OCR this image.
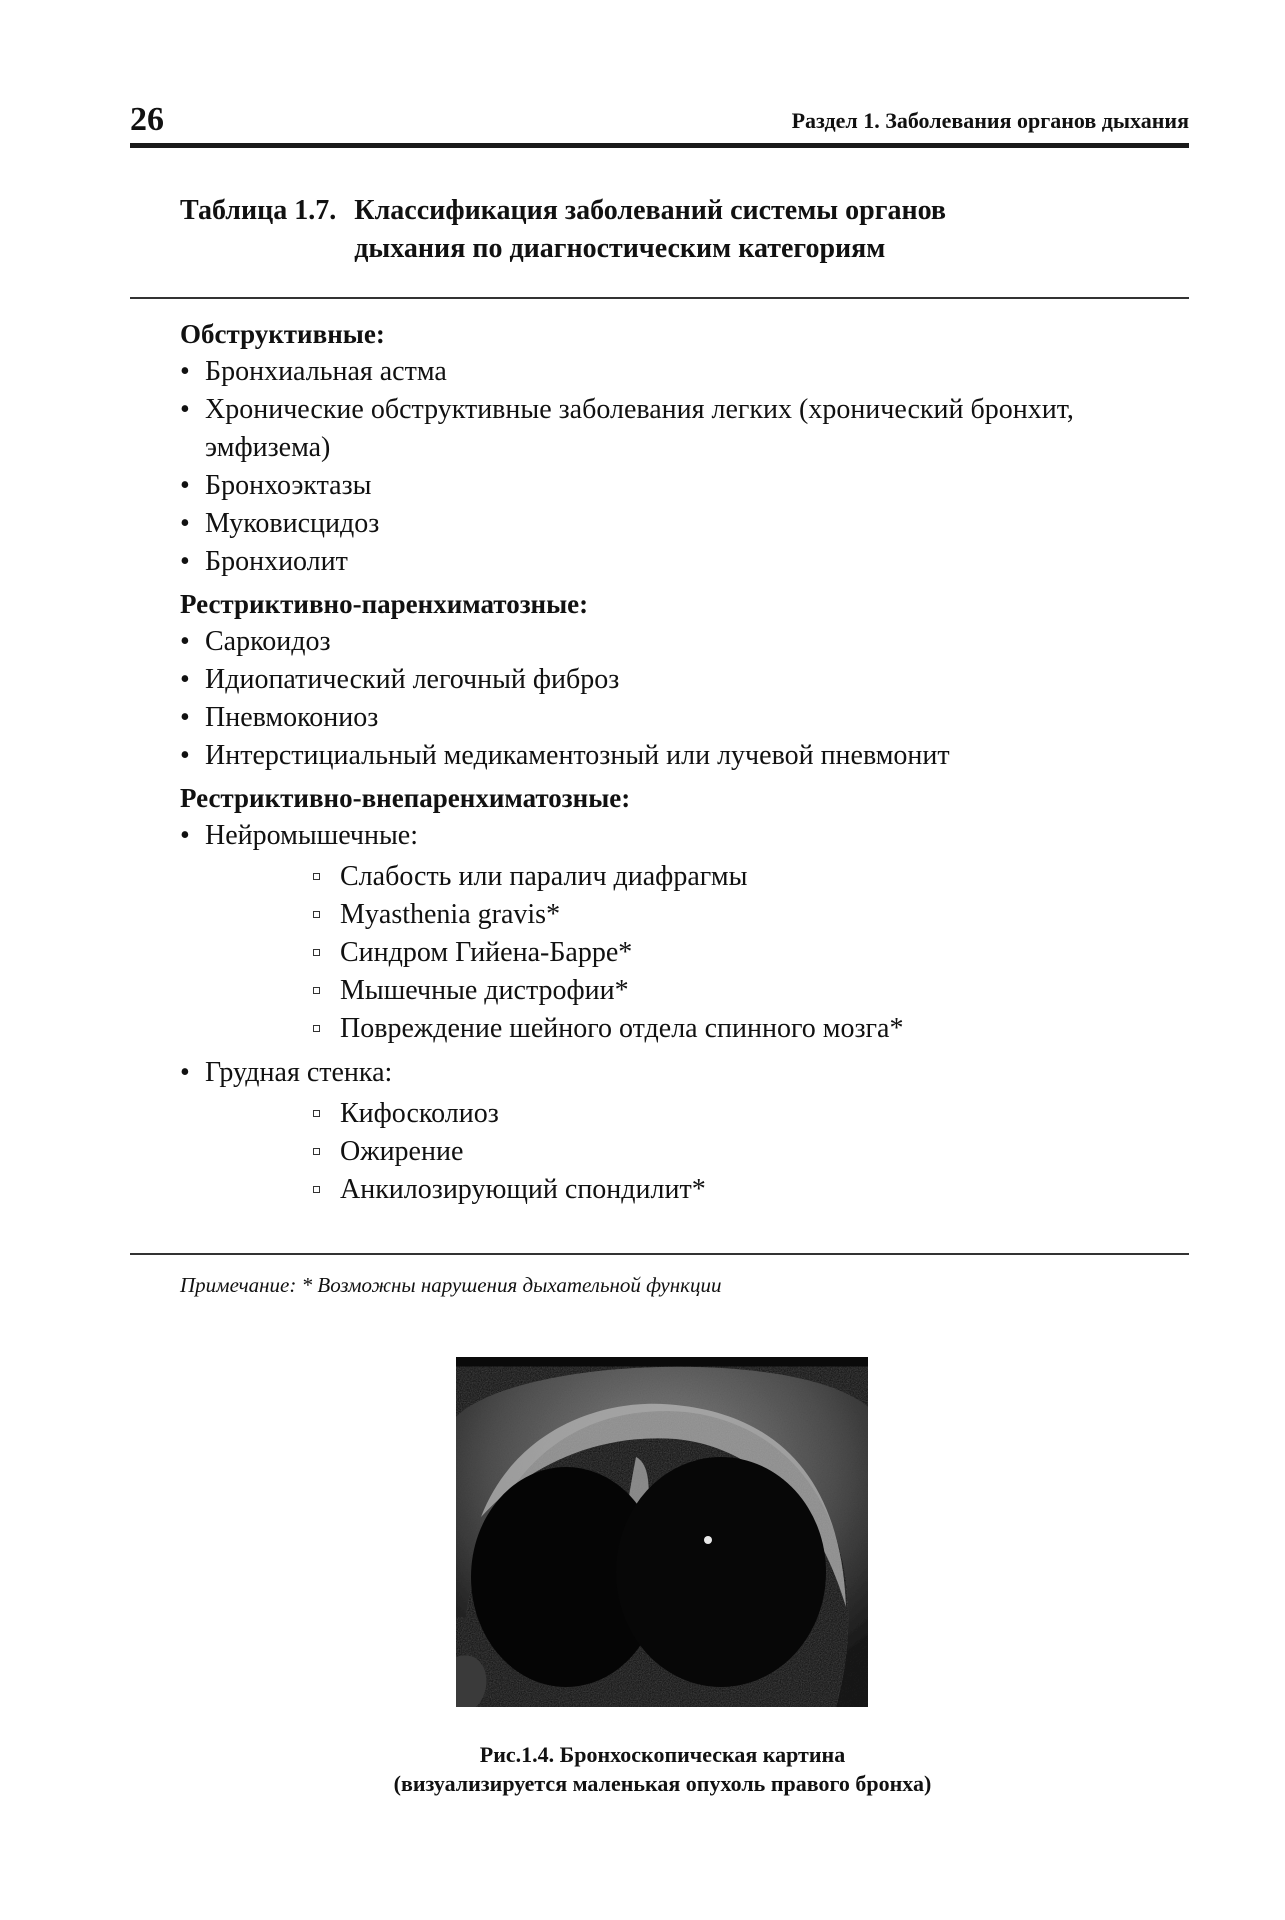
26	Раздел 1. Заболевания органов дыхания
Таблица 1.7. Классификация заболеваний системы органов дыхания по диагностическим категориям

Обструктивные:

• Бронхиальная астма
• Хронические обструктивные заболевания легких (хронический бронхит, эмфизема)
• Бронхоэктазы
• Муковисцидоз
• Бронхиолит

Рестриктивно-паренхиматозные:

• Саркоидоз
• Идиопатический легочный фиброз
• Пневмокониоз
• Интерстициальный медикаментозный или лучевой пневмонит

Рестриктивно-внепаренхиматозные:

• Нейромышечные:
Слабость или паралич диафрагмы
Myasthenia gravis*
Синдром Гийена-Барре*
Мышечные дистрофии*
Повреждение шейного отдела спинного мозга*
• Грудная стенка:
Кифосколиоз
Ожирение
Анкилозирующий спондилит*
Примечание: * Возможны нарушения дыхательной функции
Рис.1.4. Бронхоскопическая картина
(визуализируется маленькая опухоль правого бронха)
